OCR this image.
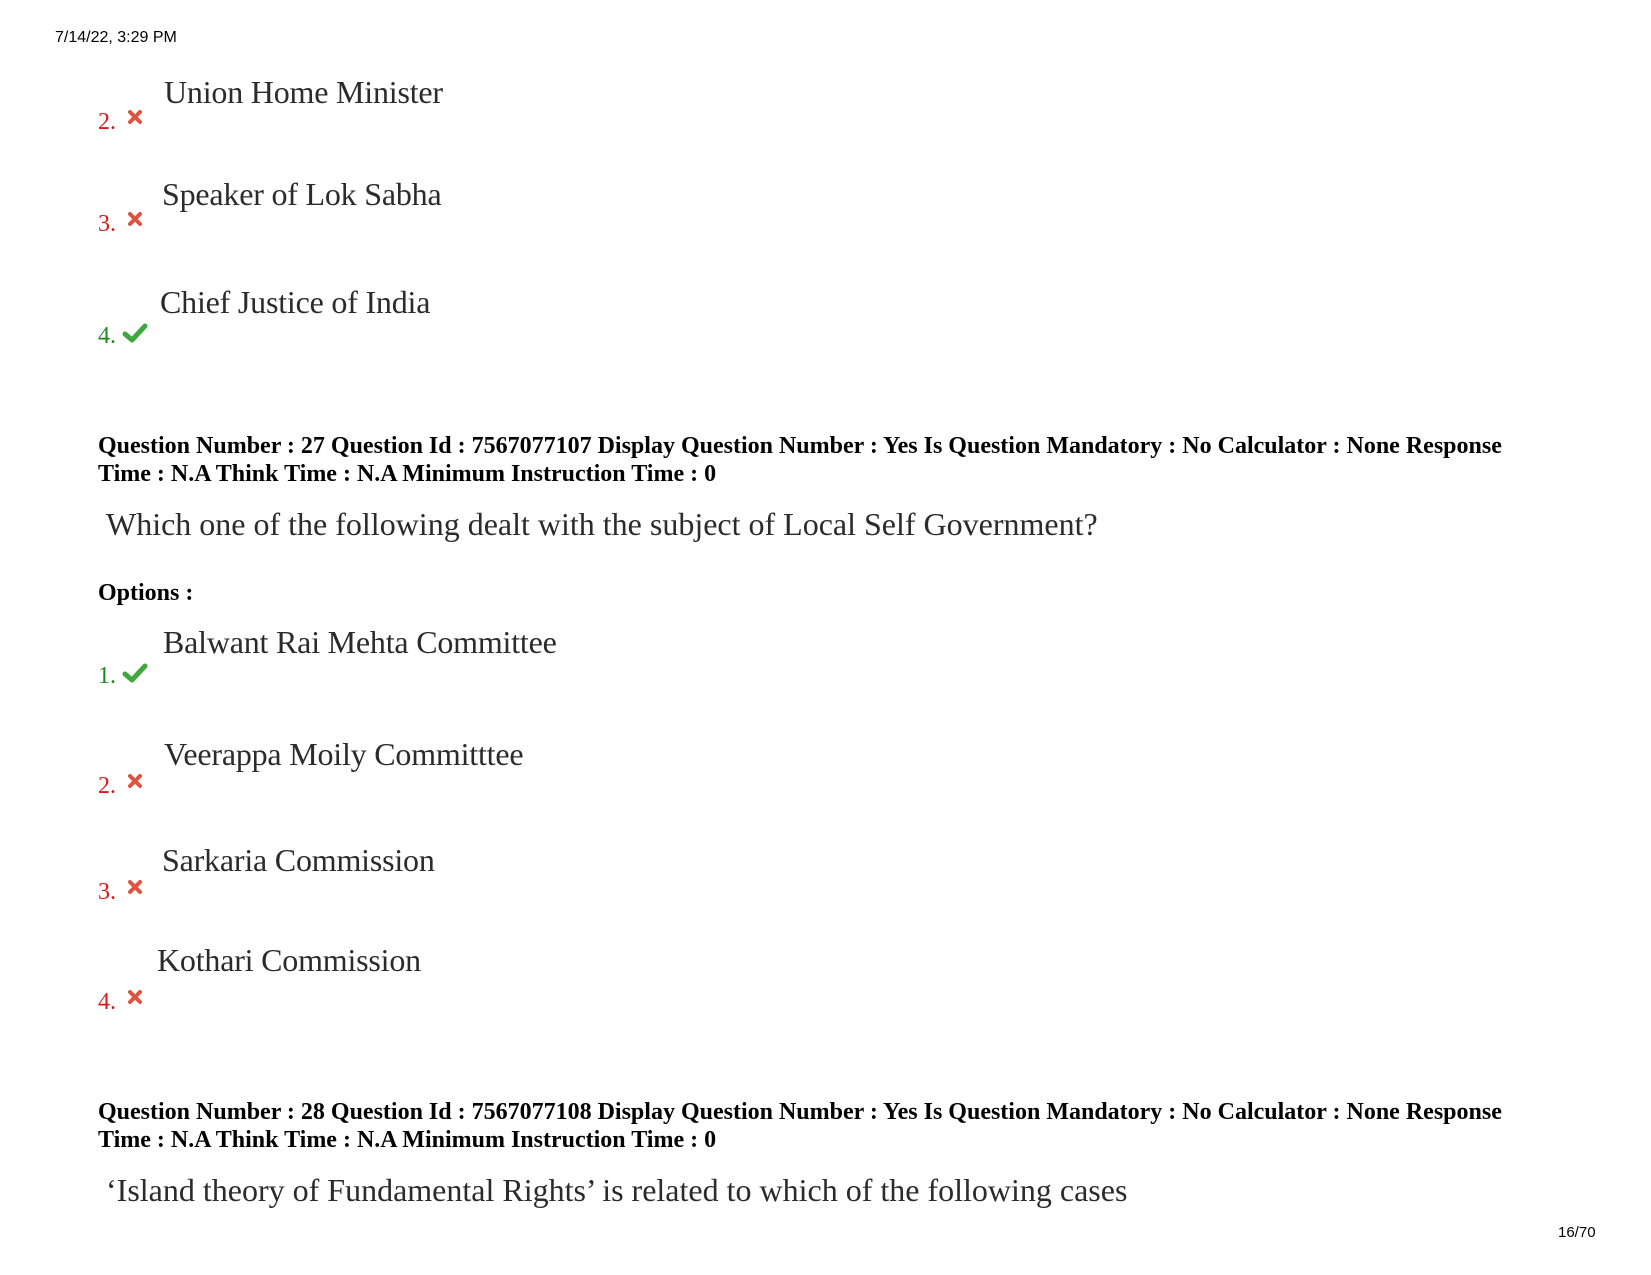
7/14/22, 3:29 PM
2.
Union Home Minister
3.
Speaker of Lok Sabha
4.
Chief Justice of India
Question Number : 27 Question Id : 7567077107 Display Question Number : Yes Is Question Mandatory : No Calculator : None Response
Time : N.A Think Time : N.A Minimum Instruction Time : 0
Which one of the following dealt with the subject of Local Self Government?
Options :
1.
Balwant Rai Mehta Committee
2.
Veerappa Moily Committtee
3.
Sarkaria Commission
4.
Kothari Commission
Question Number : 28 Question Id : 7567077108 Display Question Number : Yes Is Question Mandatory : No Calculator : None Response
Time : N.A Think Time : N.A Minimum Instruction Time : 0
‘Island theory of Fundamental Rights’ is related to which of the following cases
16/70
